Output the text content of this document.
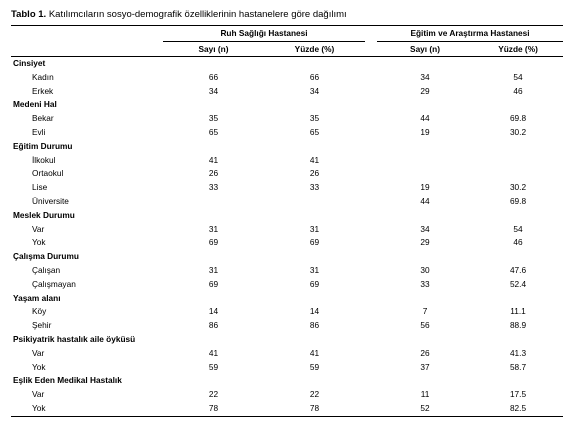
Tablo 1. Katılımcıların sosyo-demografik özelliklerinin hastanelere göre dağılımı
	Ruh Sağlığı Hastanesi			Eğitim ve Araştırma Hastanesi	
	Sayı (n)	Yüzde (%)		Sayı (n)	Yüzde (%)
Cinsiyet					
Kadın	66	66		34	54
Erkek	34	34		29	46
Medeni Hal					
Bekar	35	35		44	69.8
Evli	65	65		19	30.2
Eğitim Durumu					
İlkokul	41	41			
Ortaokul	26	26			
Lise	33	33		19	30.2
Üniversite				44	69.8
Meslek Durumu					
Var	31	31		34	54
Yok	69	69		29	46
Çalışma Durumu					
Çalışan	31	31		30	47.6
Çalışmayan	69	69		33	52.4
Yaşam alanı					
Köy	14	14		7	11.1
Şehir	86	86		56	88.9
Psikiyatrik hastalık aile öyküsü					
Var	41	41		26	41.3
Yok	59	59		37	58.7
Eşlik Eden Medikal Hastalık					
Var	22	22		11	17.5
Yok	78	78		52	82.5
